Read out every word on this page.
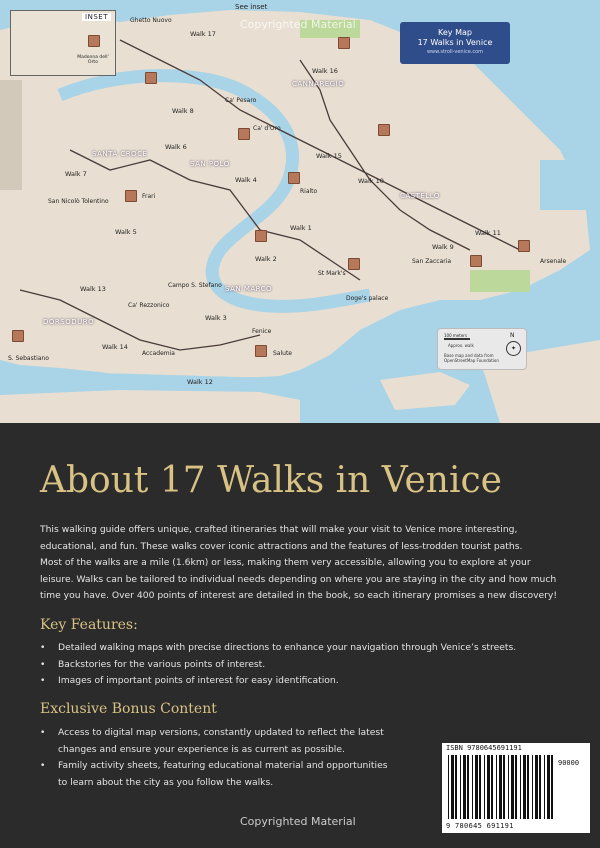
INSET
Madonna dell' Orto
See inset
Key Map
17 Walks in Venice
www.stroll-venice.com
100 meters
Approx. walk
Base map and data from OpenStreetMap Foundation
N
✦
CANNAREGIO
SANTA CROCE
SAN POLO
CASTELLO
SAN MARCO
DORSODURO
Walk 1
Walk 2
Walk 3
Walk 4
Walk 5
Walk 6
Walk 7
Walk 8
Walk 9
Walk 10
Walk 11
Walk 12
Walk 13
Walk 14
Walk 15
Walk 16
Walk 17
Ghetto Nuovo
Ca' d'Oro
Rialto
Doge's palace
Accademia	Salute
Arsenale
San Zaccaria
Frari
S. Sebastiano
Ca' Rezzonico
Campo S. Stefano
Fenice
St Mark's
Ca' Pesaro
San Nicolò Tolentino
Copyrighted Material
About 17 Walks in Venice
This walking guide offers unique, crafted itineraries that will make your visit to Venice more interesting,
educational, and fun. These walks cover iconic attractions and the features of less-trodden tourist paths.
Most of the walks are a mile (1.6km) or less, making them very accessible, allowing you to explore at your
leisure. Walks can be tailored to individual needs depending on where you are staying in the city and how much
time you have. Over 400 points of interest are detailed in the book, so each itinerary promises a new discovery!
Key Features:
• Detailed walking maps with precise directions to enhance your navigation through Venice’s streets.
• Backstories for the various points of interest.
• Images of important points of interest for easy identification.
Exclusive Bonus Content
• Access to digital map versions, constantly updated to reflect the latest
changes and ensure your experience is as current as possible.
• Family activity sheets, featuring educational material and opportunities
to learn about the city as you follow the walks.
ISBN 9780645691191
90000
9 780645 691191
Copyrighted Material
